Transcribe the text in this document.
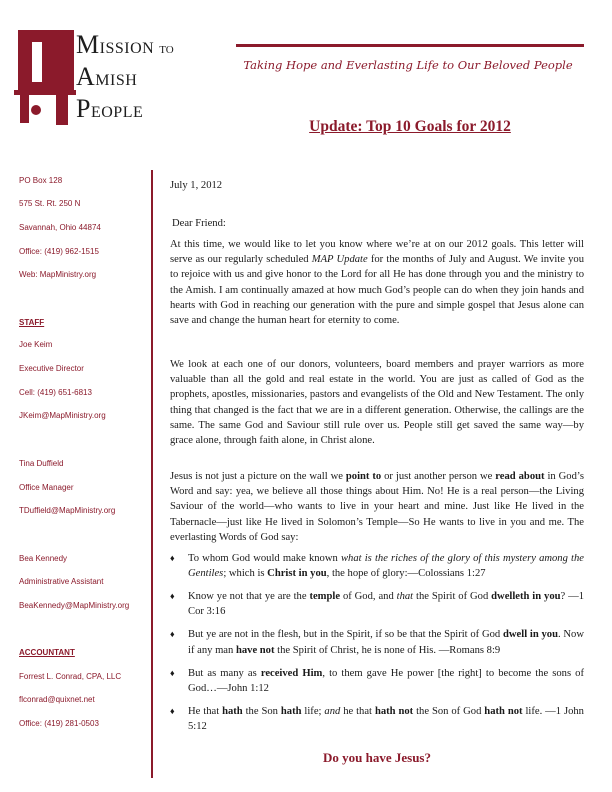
MISSION TO
AMISH
PEOPLE
Taking Hope and Everlasting Life to Our Beloved People
Update: Top 10 Goals for 2012
PO Box 128
575 St. Rt. 250 N
Savannah, Ohio 44874
Office: (419) 962-1515
Web: MapMinistry.org
STAFF
Joe Keim
Executive Director
Cell: (419) 651-6813
JKeim@MapMinistry.org
Tina Duffield
Office Manager
TDuffield@MapMinistry.org
Bea Kennedy
Administrative Assistant
BeaKennedy@MapMinistry.org
ACCOUNTANT
Forrest L. Conrad, CPA, LLC
flconrad@quixnet.net
Office: (419) 281-0503
July 1, 2012
Dear Friend:

At this time, we would like to let you know where we’re at on our 2012 goals. This letter will serve as our regularly scheduled MAP Update for the months of July and August. We invite you to rejoice with us and give honor to the Lord for all He has done through you and the ministry to the Amish. I am continually amazed at how much God’s people can do when they join hands and hearts with God in reaching our generation with the pure and simple gospel that Jesus alone can save and change the human heart for eternity to come.

We look at each one of our donors, volunteers, board members and prayer warriors as more valuable than all the gold and real estate in the world. You are just as called of God as the prophets, apostles, missionaries, pastors and evangelists of the Old and New Testament. The only thing that changed is the fact that we are in a different generation. Otherwise, the callings are the same. The same God and Saviour still rule over us. People still get saved the same way—by grace alone, through faith alone, in Christ alone.

Jesus is not just a picture on the wall we point to or just another person we read about in God’s Word and say: yea, we believe all those things about Him. No! He is a real person—the Living Saviour of the world—who wants to live in your heart and mine. Just like He lived in the Tabernacle—just like He lived in Solomon’s Temple—So He wants to live in you and me. The everlasting Words of God say:

♦ To whom God would make known what is the riches of the glory of this mystery among the Gentiles; which is Christ in you, the hope of glory:—Colossians 1:27
♦ Know ye not that ye are the temple of God, and that the Spirit of God dwelleth in you? —1 Cor 3:16
♦ But ye are not in the flesh, but in the Spirit, if so be that the Spirit of God dwell in you. Now if any man have not the Spirit of Christ, he is none of His. —Romans 8:9
♦ But as many as received Him, to them gave He power [the right] to become the sons of God…—John 1:12
♦ He that hath the Son hath life; and he that hath not the Son of God hath not life. —1 John 5:12
Do you have Jesus?
